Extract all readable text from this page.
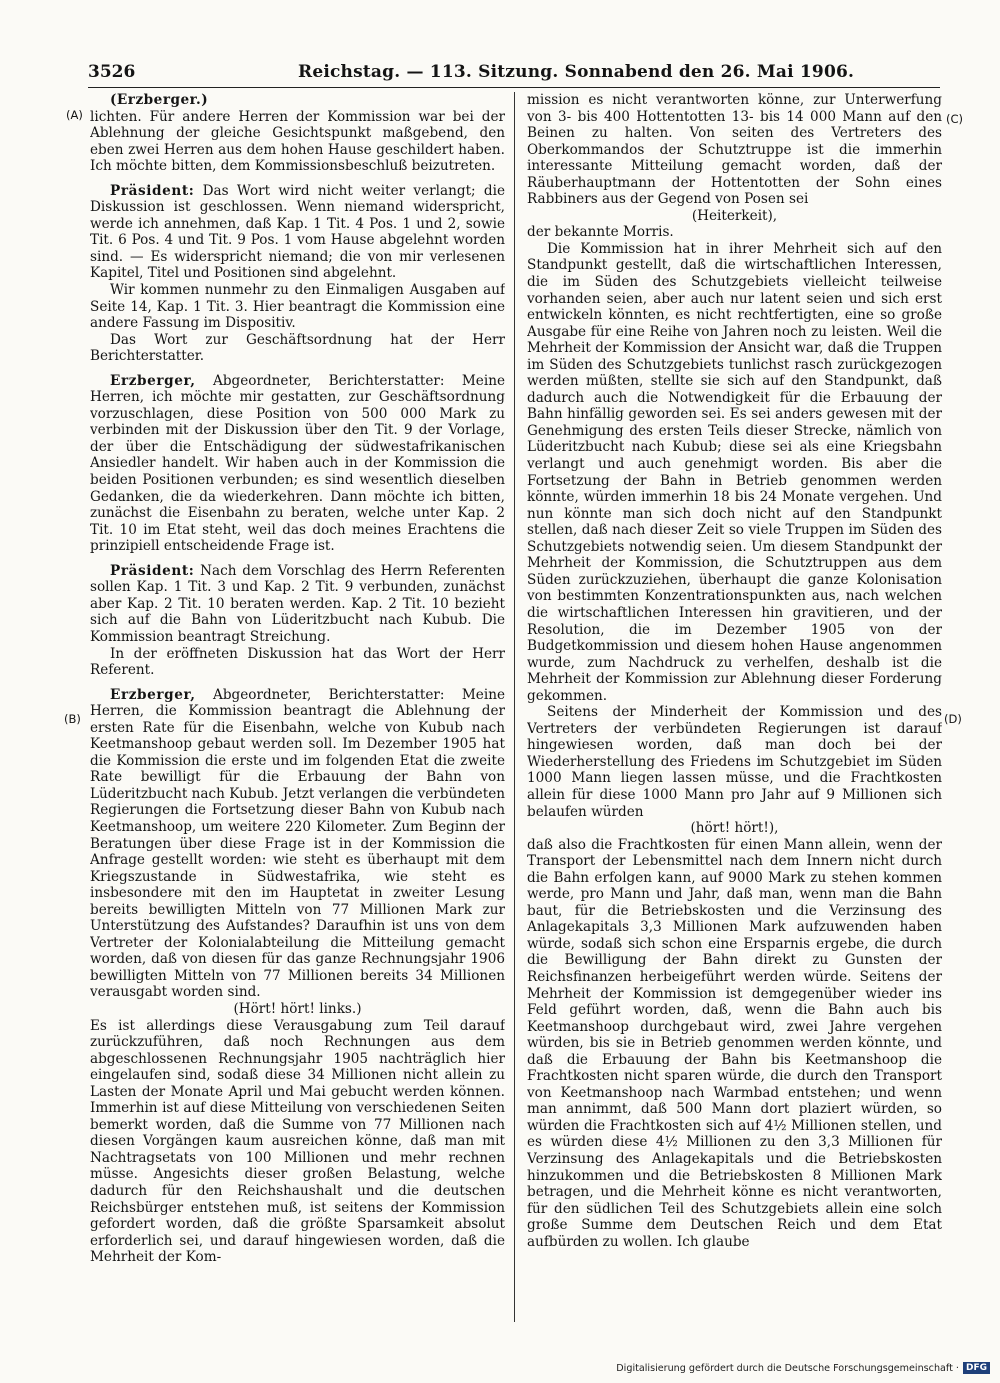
3526	Reichstag. — 113. Sitzung. Sonnabend den 26. Mai 1906.
(A)
(B)
(C)
(D)

(Erzberger.)

lichten. Für andere Herren der Kommission war bei der Ablehnung der gleiche Gesichtspunkt maßgebend, den eben zwei Herren aus dem hohen Hause geschildert haben. Ich möchte bitten, dem Kommissionsbeschluß beizutreten.

Präsident: Das Wort wird nicht weiter verlangt; die Diskussion ist geschlossen. Wenn niemand widerspricht, werde ich annehmen, daß Kap. 1 Tit. 4 Pos. 1 und 2, sowie Tit. 6 Pos. 4 und Tit. 9 Pos. 1 vom Hause abgelehnt worden sind. — Es widerspricht niemand; die von mir verlesenen Kapitel, Titel und Positionen sind abgelehnt.

Wir kommen nunmehr zu den Einmaligen Ausgaben auf Seite 14, Kap. 1 Tit. 3. Hier beantragt die Kommission eine andere Fassung im Dispositiv.

Das Wort zur Geschäftsordnung hat der Herr Berichterstatter.

Erzberger, Abgeordneter, Berichterstatter: Meine Herren, ich möchte mir gestatten, zur Geschäftsordnung vorzuschlagen, diese Position von 500 000 Mark zu verbinden mit der Diskussion über den Tit. 9 der Vorlage, der über die Entschädigung der südwestafrikanischen Ansiedler handelt. Wir haben auch in der Kommission die beiden Positionen verbunden; es sind wesentlich dieselben Gedanken, die da wiederkehren. Dann möchte ich bitten, zunächst die Eisenbahn zu beraten, welche unter Kap. 2 Tit. 10 im Etat steht, weil das doch meines Erachtens die prinzipiell entscheidende Frage ist.

Präsident: Nach dem Vorschlag des Herrn Referenten sollen Kap. 1 Tit. 3 und Kap. 2 Tit. 9 verbunden, zunächst aber Kap. 2 Tit. 10 beraten werden. Kap. 2 Tit. 10 bezieht sich auf die Bahn von Lüderitzbucht nach Kubub. Die Kommission beantragt Streichung.

In der eröffneten Diskussion hat das Wort der Herr Referent.

Erzberger, Abgeordneter, Berichterstatter: Meine Herren, die Kommission beantragt die Ablehnung der ersten Rate für die Eisenbahn, welche von Kubub nach Keetmanshoop gebaut werden soll. Im Dezember 1905 hat die Kommission die erste und im folgenden Etat die zweite Rate bewilligt für die Erbauung der Bahn von Lüderitzbucht nach Kubub. Jetzt verlangen die verbündeten Regierungen die Fortsetzung dieser Bahn von Kubub nach Keetmanshoop, um weitere 220 Kilometer. Zum Beginn der Beratungen über diese Frage ist in der Kommission die Anfrage gestellt worden: wie steht es überhaupt mit dem Kriegszustande in Südwestafrika, wie steht es insbesondere mit den im Hauptetat in zweiter Lesung bereits bewilligten Mitteln von 77 Millionen Mark zur Unterstützung des Aufstandes? Daraufhin ist uns von dem Vertreter der Kolonialabteilung die Mitteilung gemacht worden, daß von diesen für das ganze Rechnungsjahr 1906 bewilligten Mitteln von 77 Millionen bereits 34 Millionen verausgabt worden sind.

(Hört! hört! links.)

Es ist allerdings diese Verausgabung zum Teil darauf zurückzuführen, daß noch Rechnungen aus dem abgeschlossenen Rechnungsjahr 1905 nachträglich hier eingelaufen sind, sodaß diese 34 Millionen nicht allein zu Lasten der Monate April und Mai gebucht werden können. Immerhin ist auf diese Mitteilung von verschiedenen Seiten bemerkt worden, daß die Summe von 77 Millionen nach diesen Vorgängen kaum ausreichen könne, daß man mit Nachtragsetats von 100 Millionen und mehr rechnen müsse. Angesichts dieser großen Belastung, welche dadurch für den Reichshaushalt und die deutschen Reichsbürger entstehen muß, ist seitens der Kommission gefordert worden, daß die größte Sparsamkeit absolut erforderlich sei, und darauf hingewiesen worden, daß die Mehrheit der Kom-

mission es nicht verantworten könne, zur Unterwerfung von 3- bis 400 Hottentotten 13- bis 14 000 Mann auf den Beinen zu halten. Von seiten des Vertreters des Oberkommandos der Schutztruppe ist die immerhin interessante Mitteilung gemacht worden, daß der Räuberhauptmann der Hottentotten der Sohn eines Rabbiners aus der Gegend von Posen sei

(Heiterkeit),

der bekannte Morris.

Die Kommission hat in ihrer Mehrheit sich auf den Standpunkt gestellt, daß die wirtschaftlichen Interessen, die im Süden des Schutzgebiets vielleicht teilweise vorhanden seien, aber auch nur latent seien und sich erst entwickeln könnten, es nicht rechtfertigten, eine so große Ausgabe für eine Reihe von Jahren noch zu leisten. Weil die Mehrheit der Kommission der Ansicht war, daß die Truppen im Süden des Schutzgebiets tunlichst rasch zurückgezogen werden müßten, stellte sie sich auf den Standpunkt, daß dadurch auch die Notwendigkeit für die Erbauung der Bahn hinfällig geworden sei. Es sei anders gewesen mit der Genehmigung des ersten Teils dieser Strecke, nämlich von Lüderitzbucht nach Kubub; diese sei als eine Kriegsbahn verlangt und auch genehmigt worden. Bis aber die Fortsetzung der Bahn in Betrieb genommen werden könnte, würden immerhin 18 bis 24 Monate vergehen. Und nun könnte man sich doch nicht auf den Standpunkt stellen, daß nach dieser Zeit so viele Truppen im Süden des Schutzgebiets notwendig seien. Um diesem Standpunkt der Mehrheit der Kommission, die Schutztruppen aus dem Süden zurückzuziehen, überhaupt die ganze Kolonisation von bestimmten Konzentrationspunkten aus, nach welchen die wirtschaftlichen Interessen hin gravitieren, und der Resolution, die im Dezember 1905 von der Budgetkommission und diesem hohen Hause angenommen wurde, zum Nachdruck zu verhelfen, deshalb ist die Mehrheit der Kommission zur Ablehnung dieser Forderung gekommen.

Seitens der Minderheit der Kommission und des Vertreters der verbündeten Regierungen ist darauf hingewiesen worden, daß man doch bei der Wiederherstellung des Friedens im Schutzgebiet im Süden 1000 Mann liegen lassen müsse, und die Frachtkosten allein für diese 1000 Mann pro Jahr auf 9 Millionen sich belaufen würden

(hört! hört!),

daß also die Frachtkosten für einen Mann allein, wenn der Transport der Lebensmittel nach dem Innern nicht durch die Bahn erfolgen kann, auf 9000 Mark zu stehen kommen werde, pro Mann und Jahr, daß man, wenn man die Bahn baut, für die Betriebskosten und die Verzinsung des Anlagekapitals 3,3 Millionen Mark aufzuwenden haben würde, sodaß sich schon eine Ersparnis ergebe, die durch die Bewilligung der Bahn direkt zu Gunsten der Reichsfinanzen herbeigeführt werden würde. Seitens der Mehrheit der Kommission ist demgegenüber wieder ins Feld geführt worden, daß, wenn die Bahn auch bis Keetmanshoop durchgebaut wird, zwei Jahre vergehen würden, bis sie in Betrieb genommen werden könnte, und daß die Erbauung der Bahn bis Keetmanshoop die Frachtkosten nicht sparen würde, die durch den Transport von Keetmanshoop nach Warmbad entstehen; und wenn man annimmt, daß 500 Mann dort plaziert würden, so würden die Frachtkosten sich auf 4½ Millionen stellen, und es würden diese 4½ Millionen zu den 3,3 Millionen für Verzinsung des Anlagekapitals und die Betriebskosten hinzukommen und die Betriebskosten 8 Millionen Mark betragen, und die Mehrheit könne es nicht verantworten, für den südlichen Teil des Schutzgebiets allein eine solch große Summe dem Deutschen Reich und dem Etat aufbürden zu wollen. Ich glaube

Digitalisierung gefördert durch die Deutsche Forschungsgemeinschaft · DFG
